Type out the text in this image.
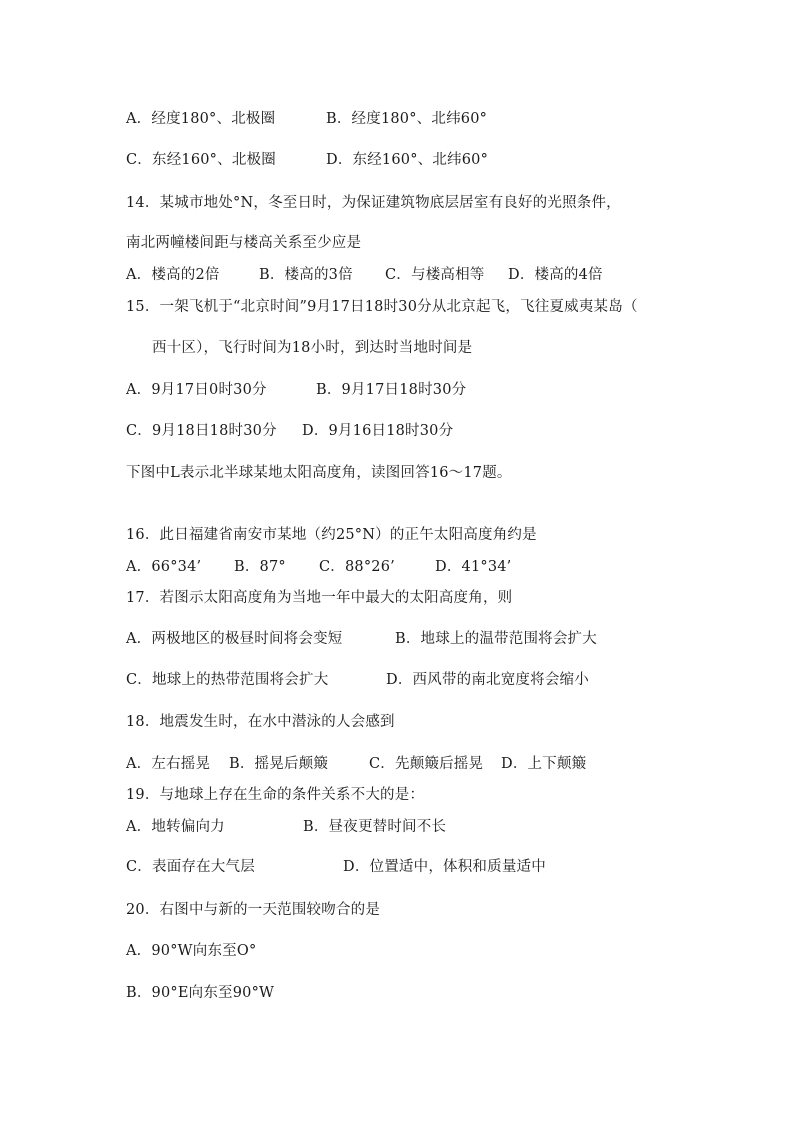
A．经度180°、北极圈	B．经度180°、北纬60°
C．东经160°、北极圈	D．东经160°、北纬60°
14．某城市地处°N，冬至日时，为保证建筑物底层居室有良好的光照条件，
南北两幢楼间距与楼高关系至少应是
A．楼高的2倍	B．楼高的3倍 C．与楼高相等 D．楼高的4倍
15．一架飞机于“北京时间”9月17日18时30分从北京起飞，飞往夏威夷某岛（
西十区），飞行时间为18小时，到达时当地时间是
A．9月17日0时30分	B．9月17日18时30分
C．9月18日18时30分 D．9月16日18时30分
下图中L表示北半球某地太阳高度角，读图回答16～17题。
16．此日福建省南安市某地（约25°N）的正午太阳高度角约是
A．66°34’ B．87° C．88°26’	D．41°34’
17．若图示太阳高度角为当地一年中最大的太阳高度角，则
A．两极地区的极昼时间将会变短	B．地球上的温带范围将会扩大
C．地球上的热带范围将会扩大	D．西风带的南北宽度将会缩小
18．地震发生时，在水中潜泳的人会感到
A．左右摇晃 B．摇晃后颠簸	C．先颠簸后摇晃 D．上下颠簸
19．与地球上存在生命的条件关系不大的是：
A．地转偏向力	B．昼夜更替时间不长
C．表面存在大气层	D．位置适中，体积和质量适中
20．右图中与新的一天范围较吻合的是
A．90°W向东至O°
B．90°E向东至90°W
